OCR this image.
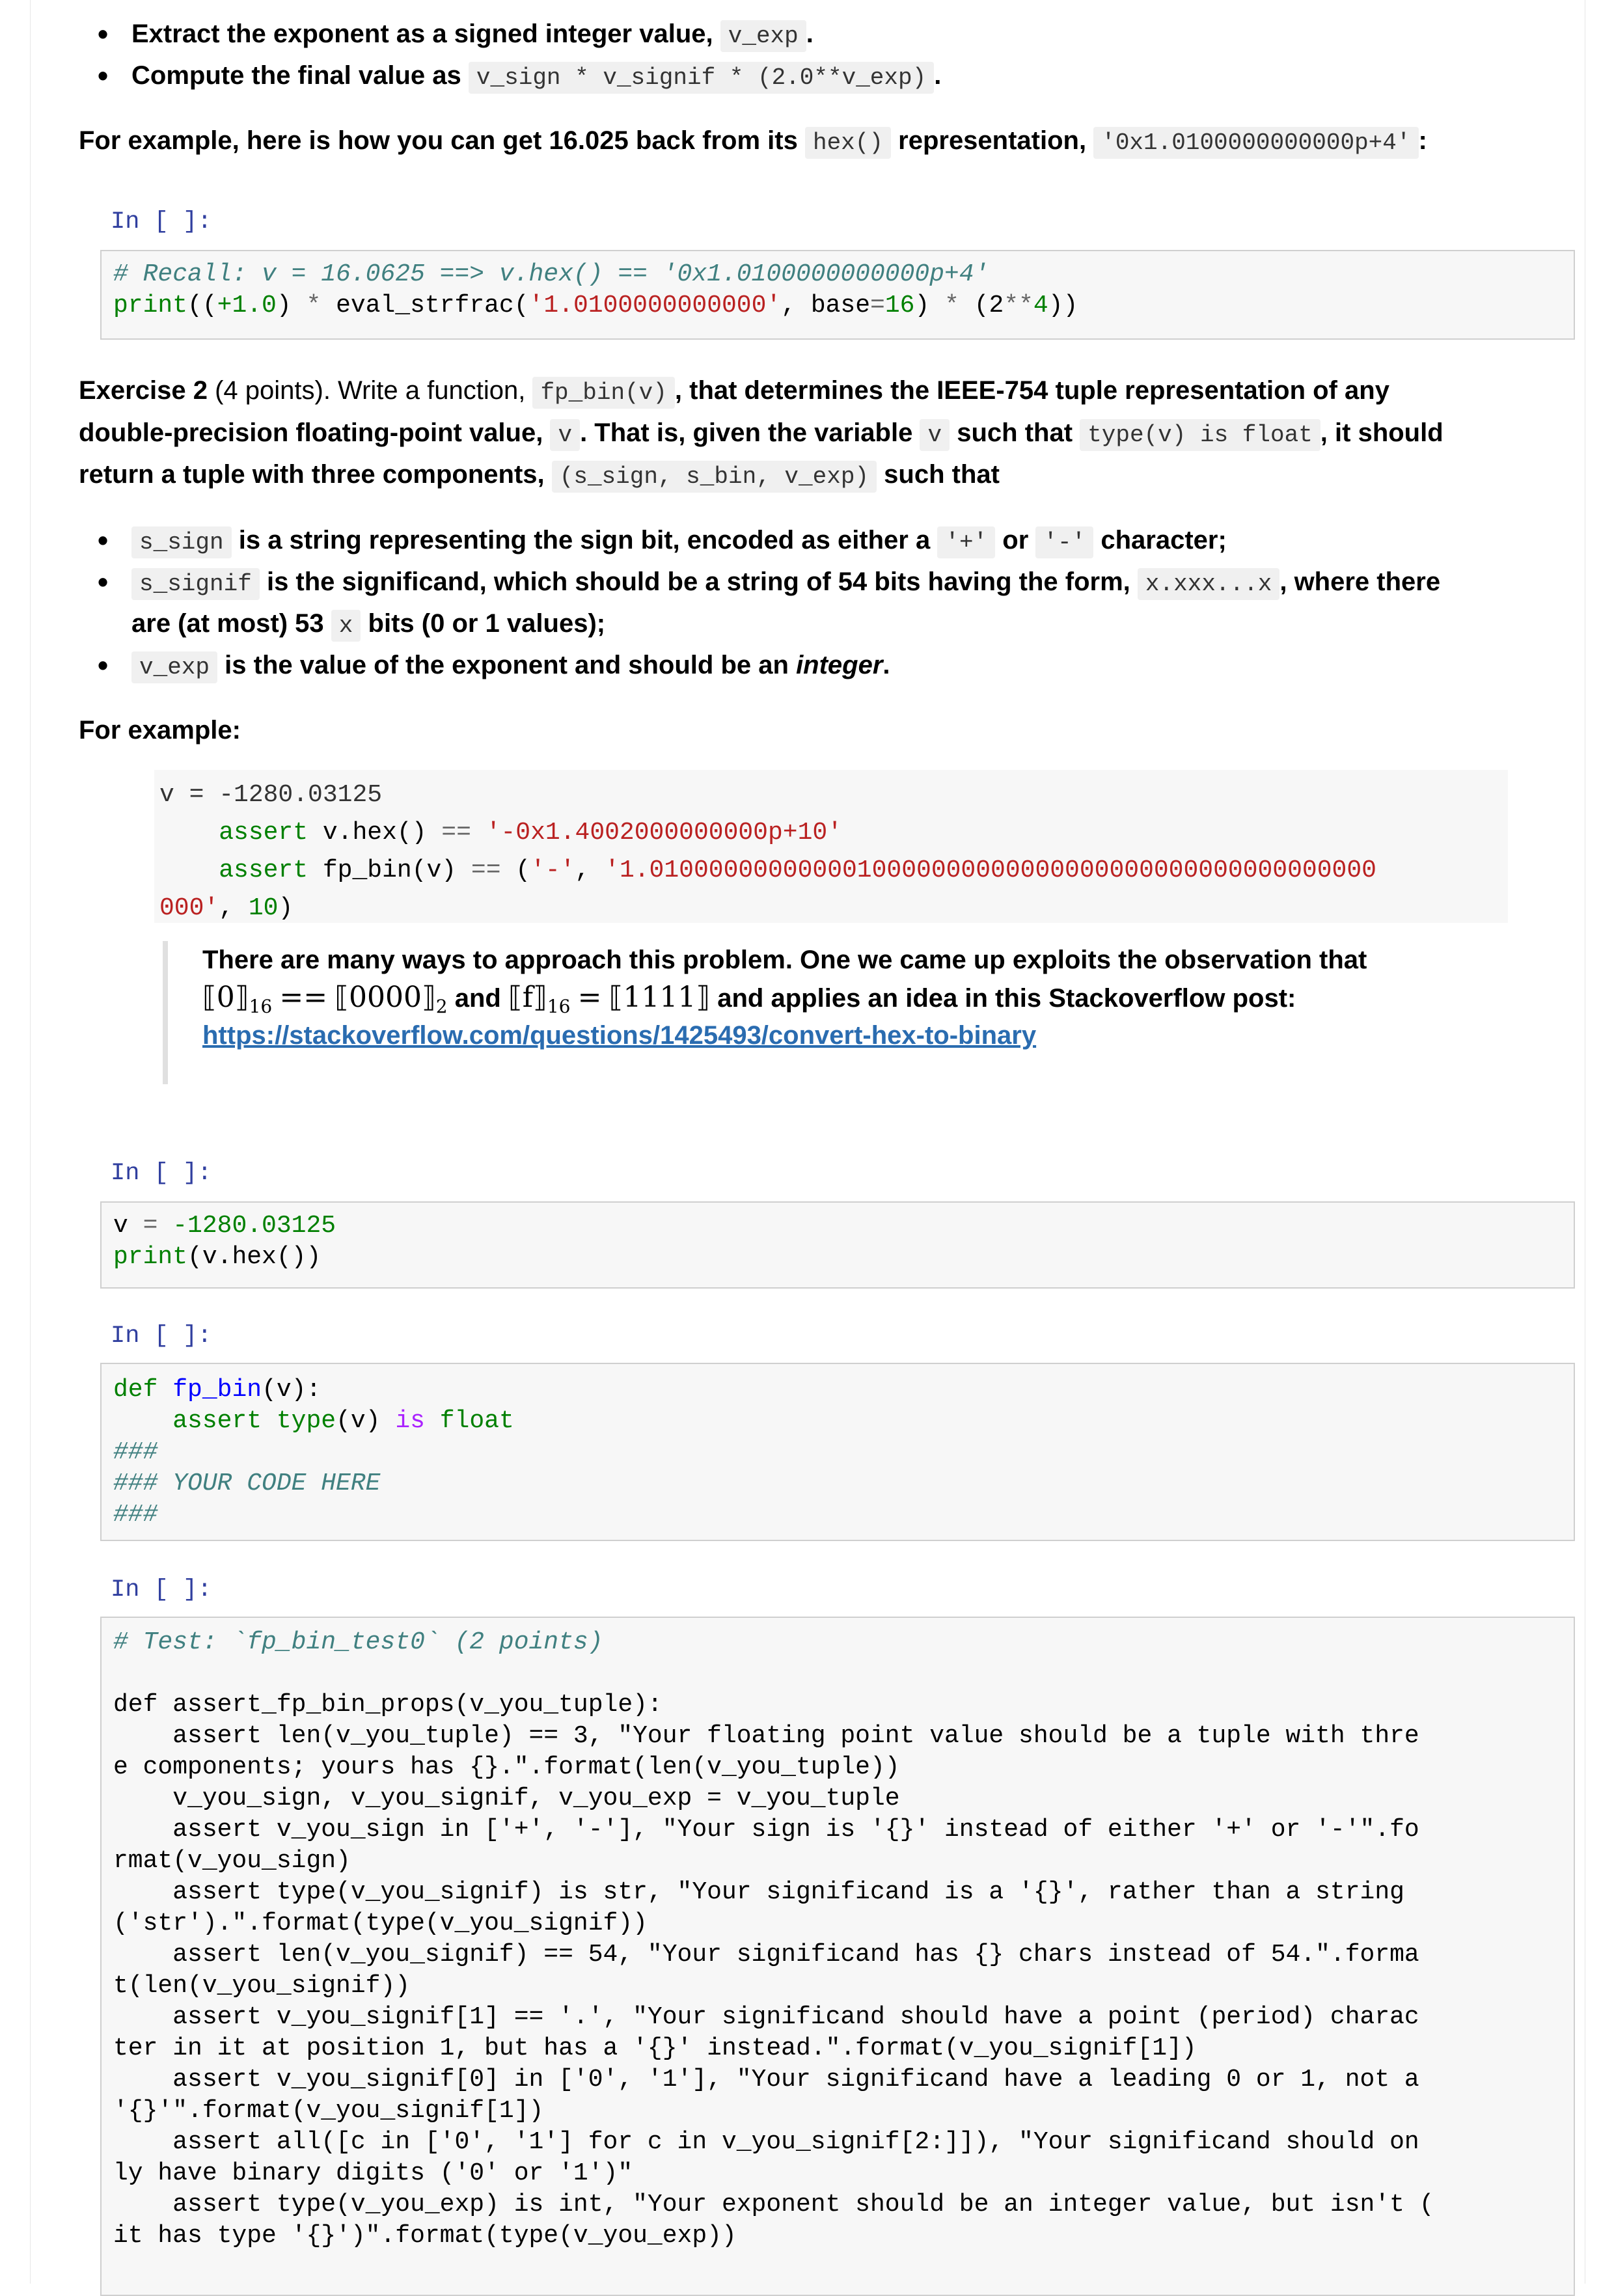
• Extract the exponent as a signed integer value, v_exp .
• Compute the final value as v_sign * v_signif * (2.0**v_exp) .
For example, here is how you can get 16.025 back from its hex() representation, '0x1.0100000000000p+4' :
In [ ]:
# Recall: v = 16.0625 ==> v.hex() == '0x1.0100000000000p+4'
print((+1.0) * eval_strfrac('1.0100000000000', base=16) * (2**4))
Exercise 2 (4 points). Write a function, fp_bin(v) , that determines the IEEE-754 tuple representation of any
double-precision floating-point value, v . That is, given the variable v such that type(v) is float , it should
return a tuple with three components, (s_sign, s_bin, v_exp) such that
• s_sign is a string representing the sign bit, encoded as either a '+' or '-' character;
• s_signif is the significand, which should be a string of 54 bits having the form, x.xxx...x , where there
are (at most) 53 x bits (0 or 1 values);
• v_exp is the value of the exponent and should be an integer.
For example:
v = -1280.03125
assert v.hex() == '-0x1.4002000000000p+10'
assert fp_bin(v) == ('-', '1.0100000000000010000000000000000000000000000000000
000', 10)
There are many ways to approach this problem. One we came up exploits the observation that
$⟦0⟧_{16}$ == $⟦0000⟧_2$ and $⟦f⟧_{16}$ = ⟦1111⟧ and applies an idea in this Stackoverflow post:
https://stackoverflow.com/questions/1425493/convert-hex-to-binary
In [ ]:
v = -1280.03125
print(v.hex())
In [ ]:
def fp_bin(v):
assert type(v) is float
###
### YOUR CODE HERE
###
In [ ]:
# Test: `fp_bin_test0` (2 points)
def assert_fp_bin_props(v_you_tuple):
assert len(v_you_tuple) == 3, "Your floating point value should be a tuple with thre
e components; yours has {}.".format(len(v_you_tuple))
v_you_sign, v_you_signif, v_you_exp = v_you_tuple
assert v_you_sign in ['+', '-'], "Your sign is '{}' instead of either '+' or '-'".fo
rmat(v_you_sign)
assert type(v_you_signif) is str, "Your significand is a '{}', rather than a string
('str').".format(type(v_you_signif))
assert len(v_you_signif) == 54, "Your significand has {} chars instead of 54.".forma
t(len(v_you_signif))
assert v_you_signif[1] == '.', "Your significand should have a point (period) charac
ter in it at position 1, but has a '{}' instead.".format(v_you_signif[1])
assert v_you_signif[0] in ['0', '1'], "Your significand have a leading 0 or 1, not a
'{}'".format(v_you_signif[1])
assert all([c in ['0', '1'] for c in v_you_signif[2:]]), "Your significand should on
ly have binary digits ('0' or '1')"
assert type(v_you_exp) is int, "Your exponent should be an integer value, but isn't (
it has type '{}')".format(type(v_you_exp))
